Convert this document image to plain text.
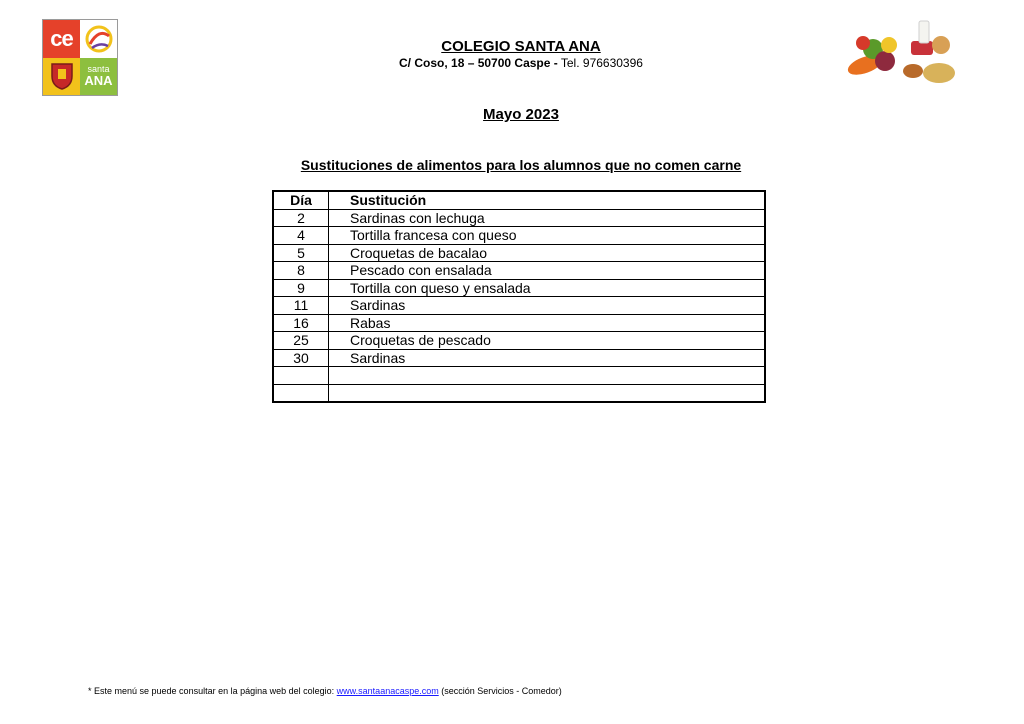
ce
santa
ANA
COLEGIO SANTA ANA
C/ Coso, 18 – 50700 Caspe - Tel. 976630396
Mayo 2023
Sustituciones de alimentos para los alumnos que no comen carne
Día	Sustitución
2	Sardinas con lechuga
4	Tortilla francesa con queso
5	Croquetas de bacalao
8	Pescado con ensalada
9	Tortilla con queso y ensalada
11	Sardinas
16	Rabas
25	Croquetas de pescado
30	Sardinas

* Este menú se puede consultar en la página web del colegio: www.santaanacaspe.com (sección Servicios - Comedor)
